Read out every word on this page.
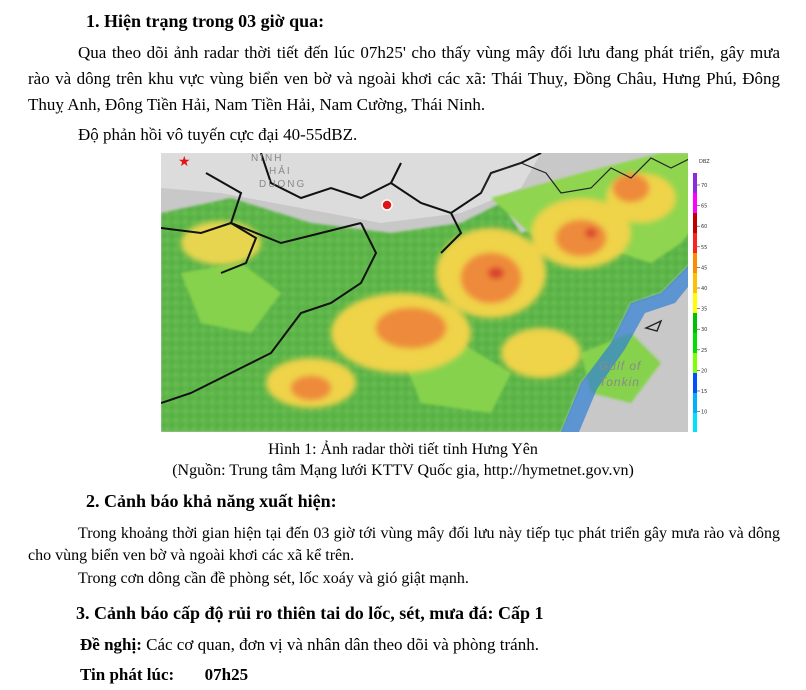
1. Hiện trạng trong 03 giờ qua:
Qua theo dõi ảnh radar thời tiết đến lúc 07h25' cho thấy vùng mây đối lưu đang phát triển, gây mưa rào và dông trên khu vực vùng biển ven bờ và ngoài khơi các xã: Thái Thuỵ, Đồng Châu, Hưng Phú, Đông Thuỵ Anh, Đông Tiền Hải, Nam Tiền Hải, Nam Cường, Thái Ninh.
Độ phản hồi vô tuyến cực đại 40-55dBZ.
★	NINH
HẢI
DUONG
Gulf of
Tonkin
DBZ
70
65
60
55
45
40
35
30
25
20
15
10
Hình 1: Ảnh radar thời tiết tỉnh Hưng Yên
(Nguồn: Trung tâm Mạng lưới KTTV Quốc gia, http://hymetnet.gov.vn)
2. Cảnh báo khả năng xuất hiện:
Trong khoảng thời gian hiện tại đến 03 giờ tới vùng mây đối lưu này tiếp tục phát triển gây mưa rào và dông cho vùng biển ven bờ và ngoài khơi các xã kể trên.
Trong cơn dông cần đề phòng sét, lốc xoáy và gió giật mạnh.
3. Cảnh báo cấp độ rủi ro thiên tai do lốc, sét, mưa đá: Cấp 1
Đề nghị: Các cơ quan, đơn vị và nhân dân theo dõi và phòng tránh.
Tin phát lúc: 07h25
